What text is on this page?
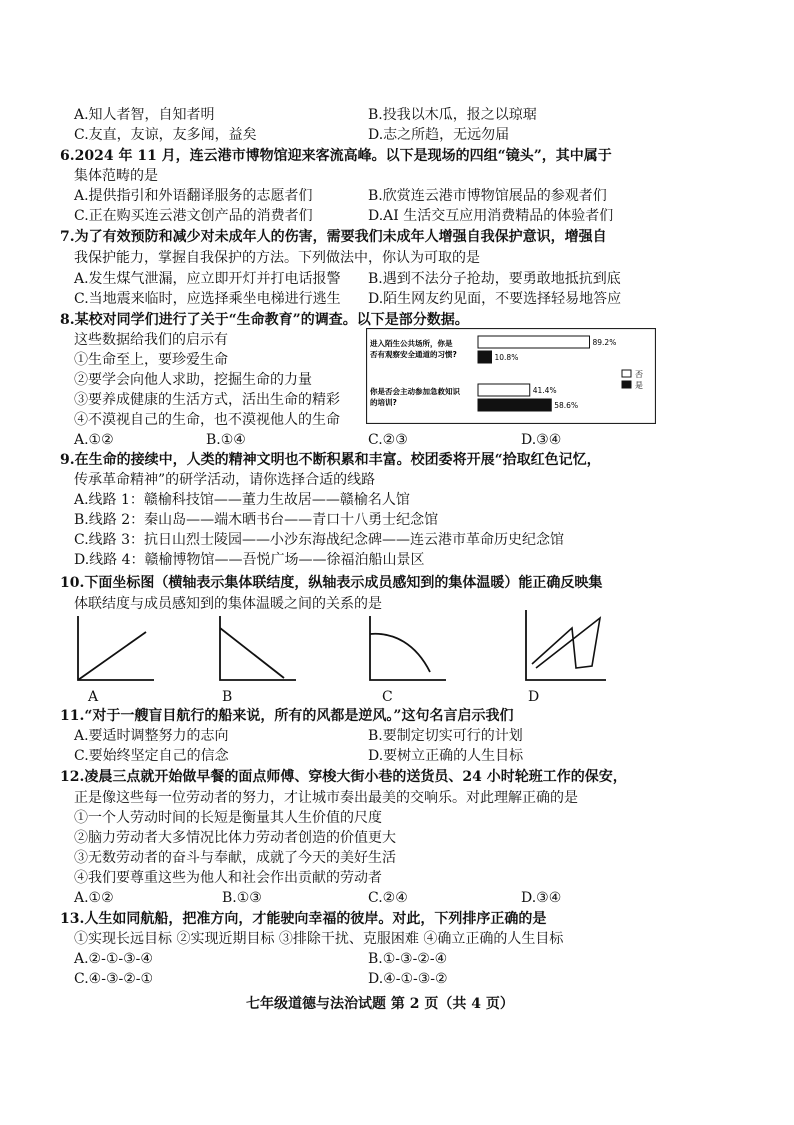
A.知人者智，自知者明	B.投我以木瓜，报之以琼琚
C.友直，友谅，友多闻，益矣	D.志之所趋，无远勿届
6.2024 年 11 月，连云港市博物馆迎来客流高峰。以下是现场的四组“镜头”，其中属于
集体范畴的是
A.提供指引和外语翻译服务的志愿者们	B.欣赏连云港市博物馆展品的参观者们
C.正在购买连云港文创产品的消费者们	D.AI 生活交互应用消费精品的体验者们
7.为了有效预防和减少对未成年人的伤害，需要我们未成年人增强自我保护意识，增强自
我保护能力，掌握自我保护的方法。下列做法中，你认为可取的是
A.发生煤气泄漏，应立即开灯并打电话报警 B.遇到不法分子抢劫，要勇敢地抵抗到底
C.当地震来临时，应选择乘坐电梯进行逃生 D.陌生网友约见面，不要选择轻易地答应
8.某校对同学们进行了关于“生命教育”的调查。以下是部分数据。
这些数据给我们的启示有
①生命至上，要珍爱生命
②要学会向他人求助，挖掘生命的力量
③要养成健康的生活方式，活出生命的精彩
④不漠视自己的生命，也不漠视他人的生命
A.①②	B.①④	C.②③	D.③④
进入陌生公共场所，你是
否有观察安全通道的习惯?
你是否会主动参加急救知识
的培训?
89.2%
41.4%
10.8%
58.6%
否
是
9.在生命的接续中，人类的精神文明也不断积累和丰富。校团委将开展“拾取红色记忆，
传承革命精神”的研学活动，请你选择合适的线路
A.线路 1：赣榆科技馆——董力生故居——赣榆名人馆
B.线路 2：秦山岛——端木晒书台——青口十八勇士纪念馆
C.线路 3：抗日山烈士陵园——小沙东海战纪念碑——连云港市革命历史纪念馆
D.线路 4：赣榆博物馆——吾悦广场——徐福泊船山景区
10.下面坐标图（横轴表示集体联结度，纵轴表示成员感知到的集体温暖）能正确反映集
体联结度与成员感知到的集体温暖之间的关系的是
A	B	C	D
11.“对于一艘盲目航行的船来说，所有的风都是逆风。”这句名言启示我们
A.要适时调整努力的志向	B.要制定切实可行的计划
C.要始终坚定自己的信念	D.要树立正确的人生目标
12.凌晨三点就开始做早餐的面点师傅、穿梭大街小巷的送货员、24 小时轮班工作的保安，
正是像这些每一位劳动者的努力，才让城市奏出最美的交响乐。对此理解正确的是
①一个人劳动时间的长短是衡量其人生价值的尺度
②脑力劳动者大多情况比体力劳动者创造的价值更大
③无数劳动者的奋斗与奉献，成就了今天的美好生活
④我们要尊重这些为他人和社会作出贡献的劳动者
A.①②	B.①③	C.②④	D.③④
13.人生如同航船，把准方向，才能驶向幸福的彼岸。对此，下列排序正确的是
①实现长远目标 ②实现近期目标 ③排除干扰、克服困难 ④确立正确的人生目标
A.②-①-③-④	B.①-③-②-④
C.④-③-②-①	D.④-①-③-②
七年级道德与法治试题 第 2 页（共 4 页）
